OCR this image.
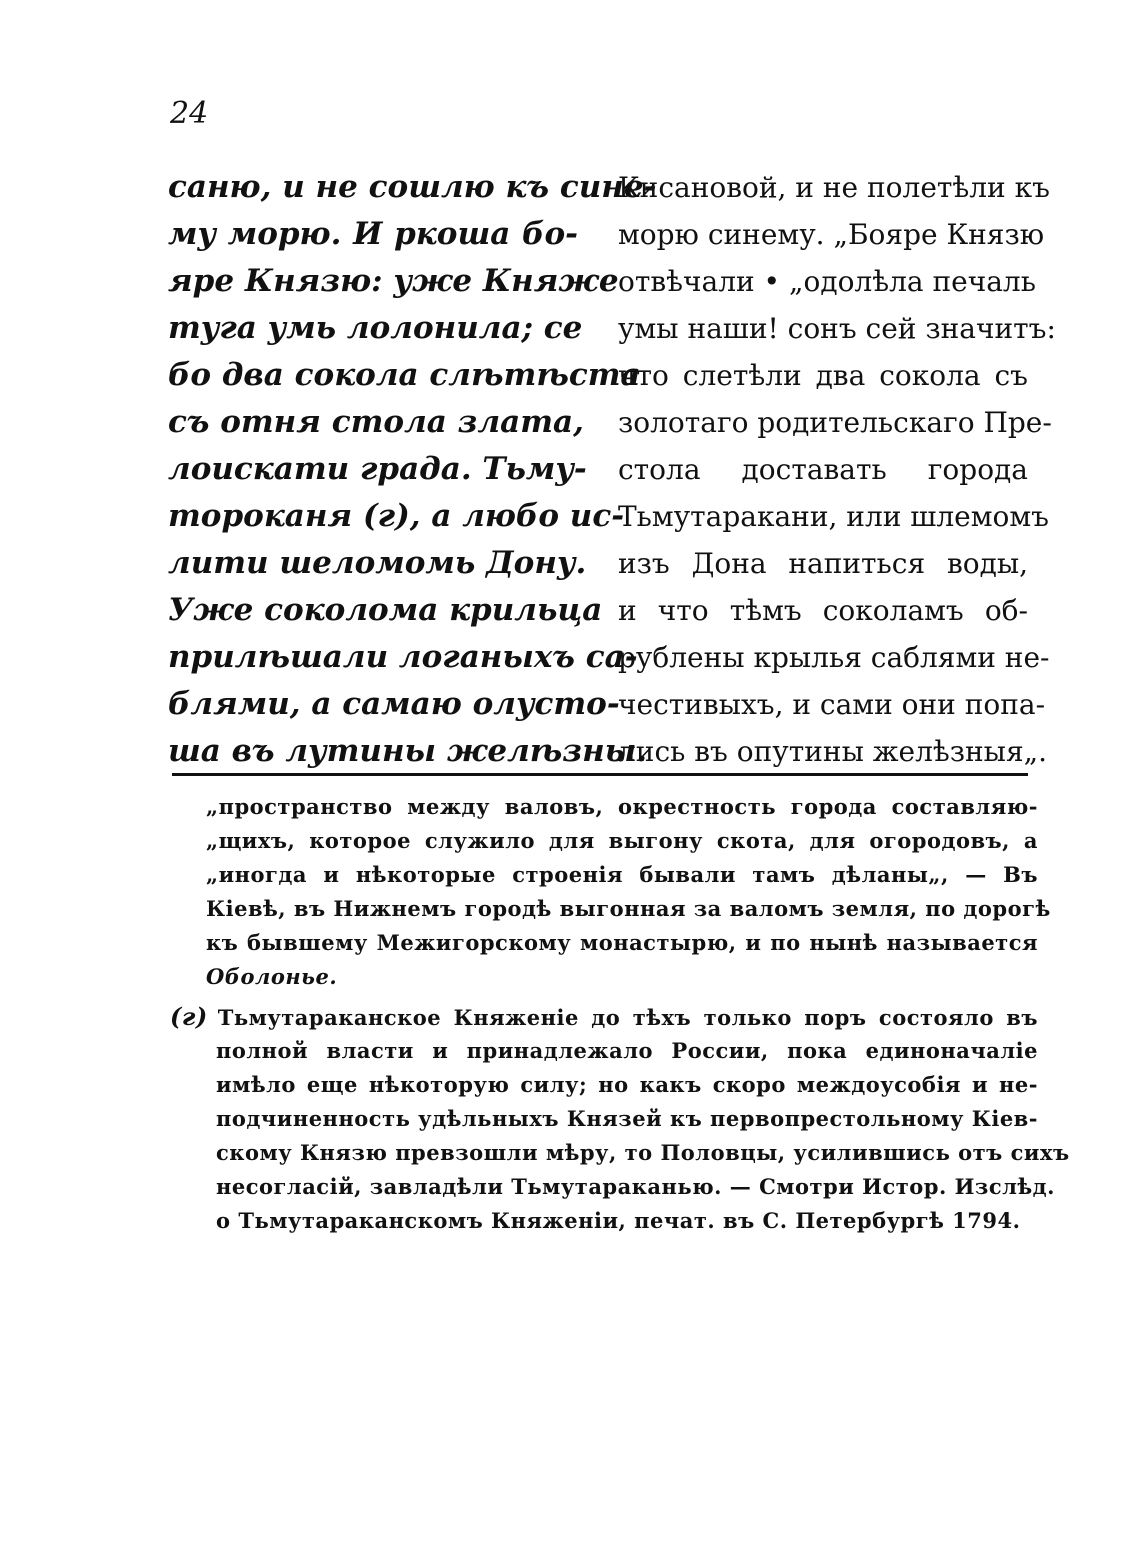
24
саню, и не сошлю къ сине-
му морю. И ркоша бо-
яре Князю: уже Княже
туга умь лолонила; се
бо два сокола слѣтѣста
съ отня стола злата,
лоискати града. Тьму-
тороканя (г), а любо ис-
лити шеломомь Дону.
Уже соколома крильца
прилѣшали логаныхъ са-
блями, а самаю олусто-
ша въ лутины желѣзны.
Кисановой, и не полетѣли къ
морю синему. „Бояре Князю
отвѣчали • „одолѣла печаль
умы наши! сонъ сей значитъ:
что слетѣли два сокола съ
золотаго родительскаго Пре-
стола доставать города
Тьмутаракани, или шлемомъ
изъ Дона напиться воды,
и что тѣмъ соколамъ об-
рублены крылья саблями не-
честивыхъ, и сами они попа-
лись въ опутины желѣзныя„.
„пространство между валовъ, окрестность города составляю-
„щихъ, которое служило для выгону скота, для огородовъ, а
„иногда и нѣкоторые строенія бывали тамъ дѣланы„, — Въ
Кіевѣ, въ Нижнемъ городѣ выгонная за валомъ земля, по дорогѣ
къ бывшему Межигорскому монастырю, и по нынѣ называется
Оболонье.
(г) Тьмутараканское Княженіе до тѣхъ только поръ состояло въ
полной власти и принадлежало России, пока единоначаліе
имѣло еще нѣкоторую силу; но какъ скоро междоусобія и не-
подчиненность удѣльныхъ Князей къ первопрестольному Кіев-
скому Князю превзошли мѣру, то Половцы, усилившись отъ сихъ
несогласій, завладѣли Тьмутараканью. — Смотри Истор. Изслѣд.
о Тьмутараканскомъ Княженіи, печат. въ С. Петербургѣ 1794.
